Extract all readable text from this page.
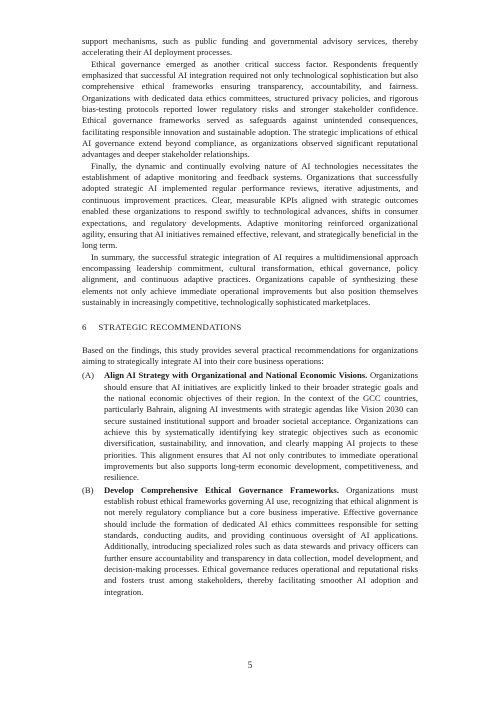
support mechanisms, such as public funding and governmental advisory services, thereby accelerating their AI deployment processes.

Ethical governance emerged as another critical success factor. Respondents frequently emphasized that successful AI integration required not only technological sophistication but also comprehensive ethical frameworks ensuring transparency, accountability, and fairness. Organizations with dedicated data ethics committees, structured privacy policies, and rigorous bias-testing protocols reported lower regulatory risks and stronger stakeholder confidence. Ethical governance frameworks served as safeguards against unintended consequences, facilitating responsible innovation and sustainable adoption. The strategic implications of ethical AI governance extend beyond compliance, as organizations observed significant reputational advantages and deeper stakeholder relationships.

Finally, the dynamic and continually evolving nature of AI technologies necessitates the establishment of adaptive monitoring and feedback systems. Organizations that successfully adopted strategic AI implemented regular performance reviews, iterative adjustments, and continuous improvement practices. Clear, measurable KPIs aligned with strategic outcomes enabled these organizations to respond swiftly to technological advances, shifts in consumer expectations, and regulatory developments. Adaptive monitoring reinforced organizational agility, ensuring that AI initiatives remained effective, relevant, and strategically beneficial in the long term.

In summary, the successful strategic integration of AI requires a multidimensional approach encompassing leadership commitment, cultural transformation, ethical governance, policy alignment, and continuous adaptive practices. Organizations capable of synthesizing these elements not only achieve immediate operational improvements but also position themselves sustainably in increasingly competitive, technologically sophisticated marketplaces.

6 STRATEGIC RECOMMENDATIONS

Based on the findings, this study provides several practical recommendations for organizations aiming to strategically integrate AI into their core business operations:

(A)	Align AI Strategy with Organizational and National Economic Visions. Organizations should ensure that AI initiatives are explicitly linked to their broader strategic goals and the national economic objectives of their region. In the context of the GCC countries, particularly Bahrain, aligning AI investments with strategic agendas like Vision 2030 can secure sustained institutional support and broader societal acceptance. Organizations can achieve this by systematically identifying key strategic objectives such as economic diversification, sustainability, and innovation, and clearly mapping AI projects to these priorities. This alignment ensures that AI not only contributes to immediate operational improvements but also supports long-term economic development, competitiveness, and resilience.
(B)	Develop Comprehensive Ethical Governance Frameworks. Organizations must establish robust ethical frameworks governing AI use, recognizing that ethical alignment is not merely regulatory compliance but a core business imperative. Effective governance should include the formation of dedicated AI ethics committees responsible for setting standards, conducting audits, and providing continuous oversight of AI applications. Additionally, introducing specialized roles such as data stewards and privacy officers can further ensure accountability and transparency in data collection, model development, and decision-making processes. Ethical governance reduces operational and reputational risks and fosters trust among stakeholders, thereby facilitating smoother AI adoption and integration.
5
